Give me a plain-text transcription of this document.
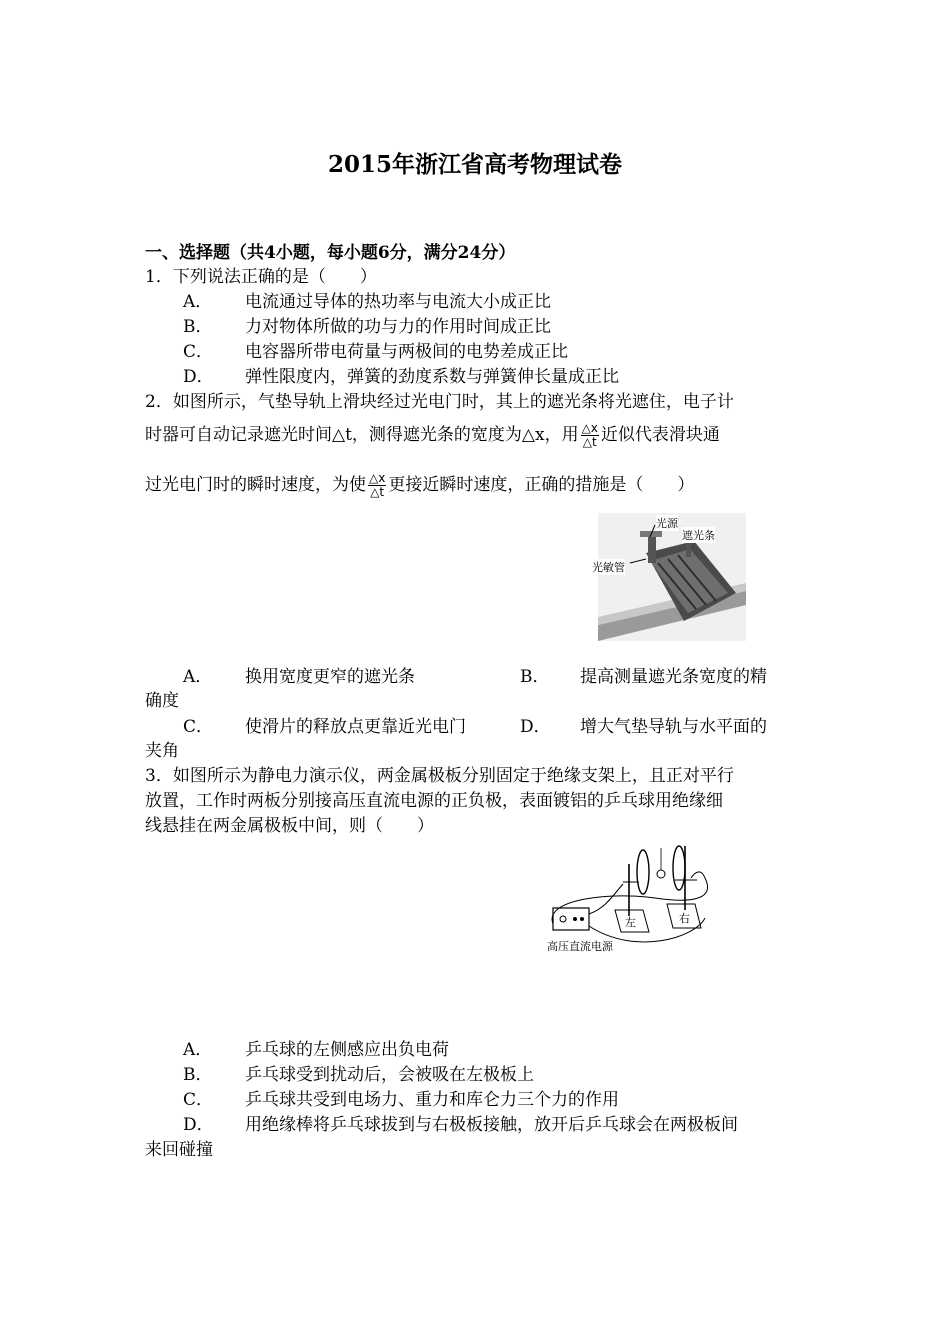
2015年浙江省高考物理试卷
一、选择题（共4小题，每小题6分，满分24分）
1．下列说法正确的是（　　）
A． 电流通过导体的热功率与电流大小成正比
B． 力对物体所做的功与力的作用时间成正比
C． 电容器所带电荷量与两极间的电势差成正比
D． 弹性限度内，弹簧的劲度系数与弹簧伸长量成正比
2．如图所示，气垫导轨上滑块经过光电门时，其上的遮光条将光遮住，电子计
时器可自动记录遮光时间△t，测得遮光条的宽度为△x，用 $\frac{\triangle x}{\triangle t}$ 近似代表滑块通
过光电门时的瞬时速度，为使 $\frac{\triangle x}{\triangle t}$ 更接近瞬时速度，正确的措施是（　　）
光源
遮光条
光敏管
A． 换用宽度更窄的遮光条	B． 提高测量遮光条宽度的精
确度
C． 使滑片的释放点更靠近光电门	D． 增大气垫导轨与水平面的
夹角
3．如图所示为静电力演示仪，两金属极板分别固定于绝缘支架上，且正对平行
放置，工作时两板分别接高压直流电源的正负极，表面镀铝的乒乓球用绝缘细
线悬挂在两金属极板中间，则（　　）
左	右
高压直流电源
A． 乒乓球的左侧感应出负电荷
B． 乒乓球受到扰动后，会被吸在左极板上
C． 乒乓球共受到电场力、重力和库仑力三个力的作用
D． 用绝缘棒将乒乓球拔到与右极板接触，放开后乒乓球会在两极板间
来回碰撞
